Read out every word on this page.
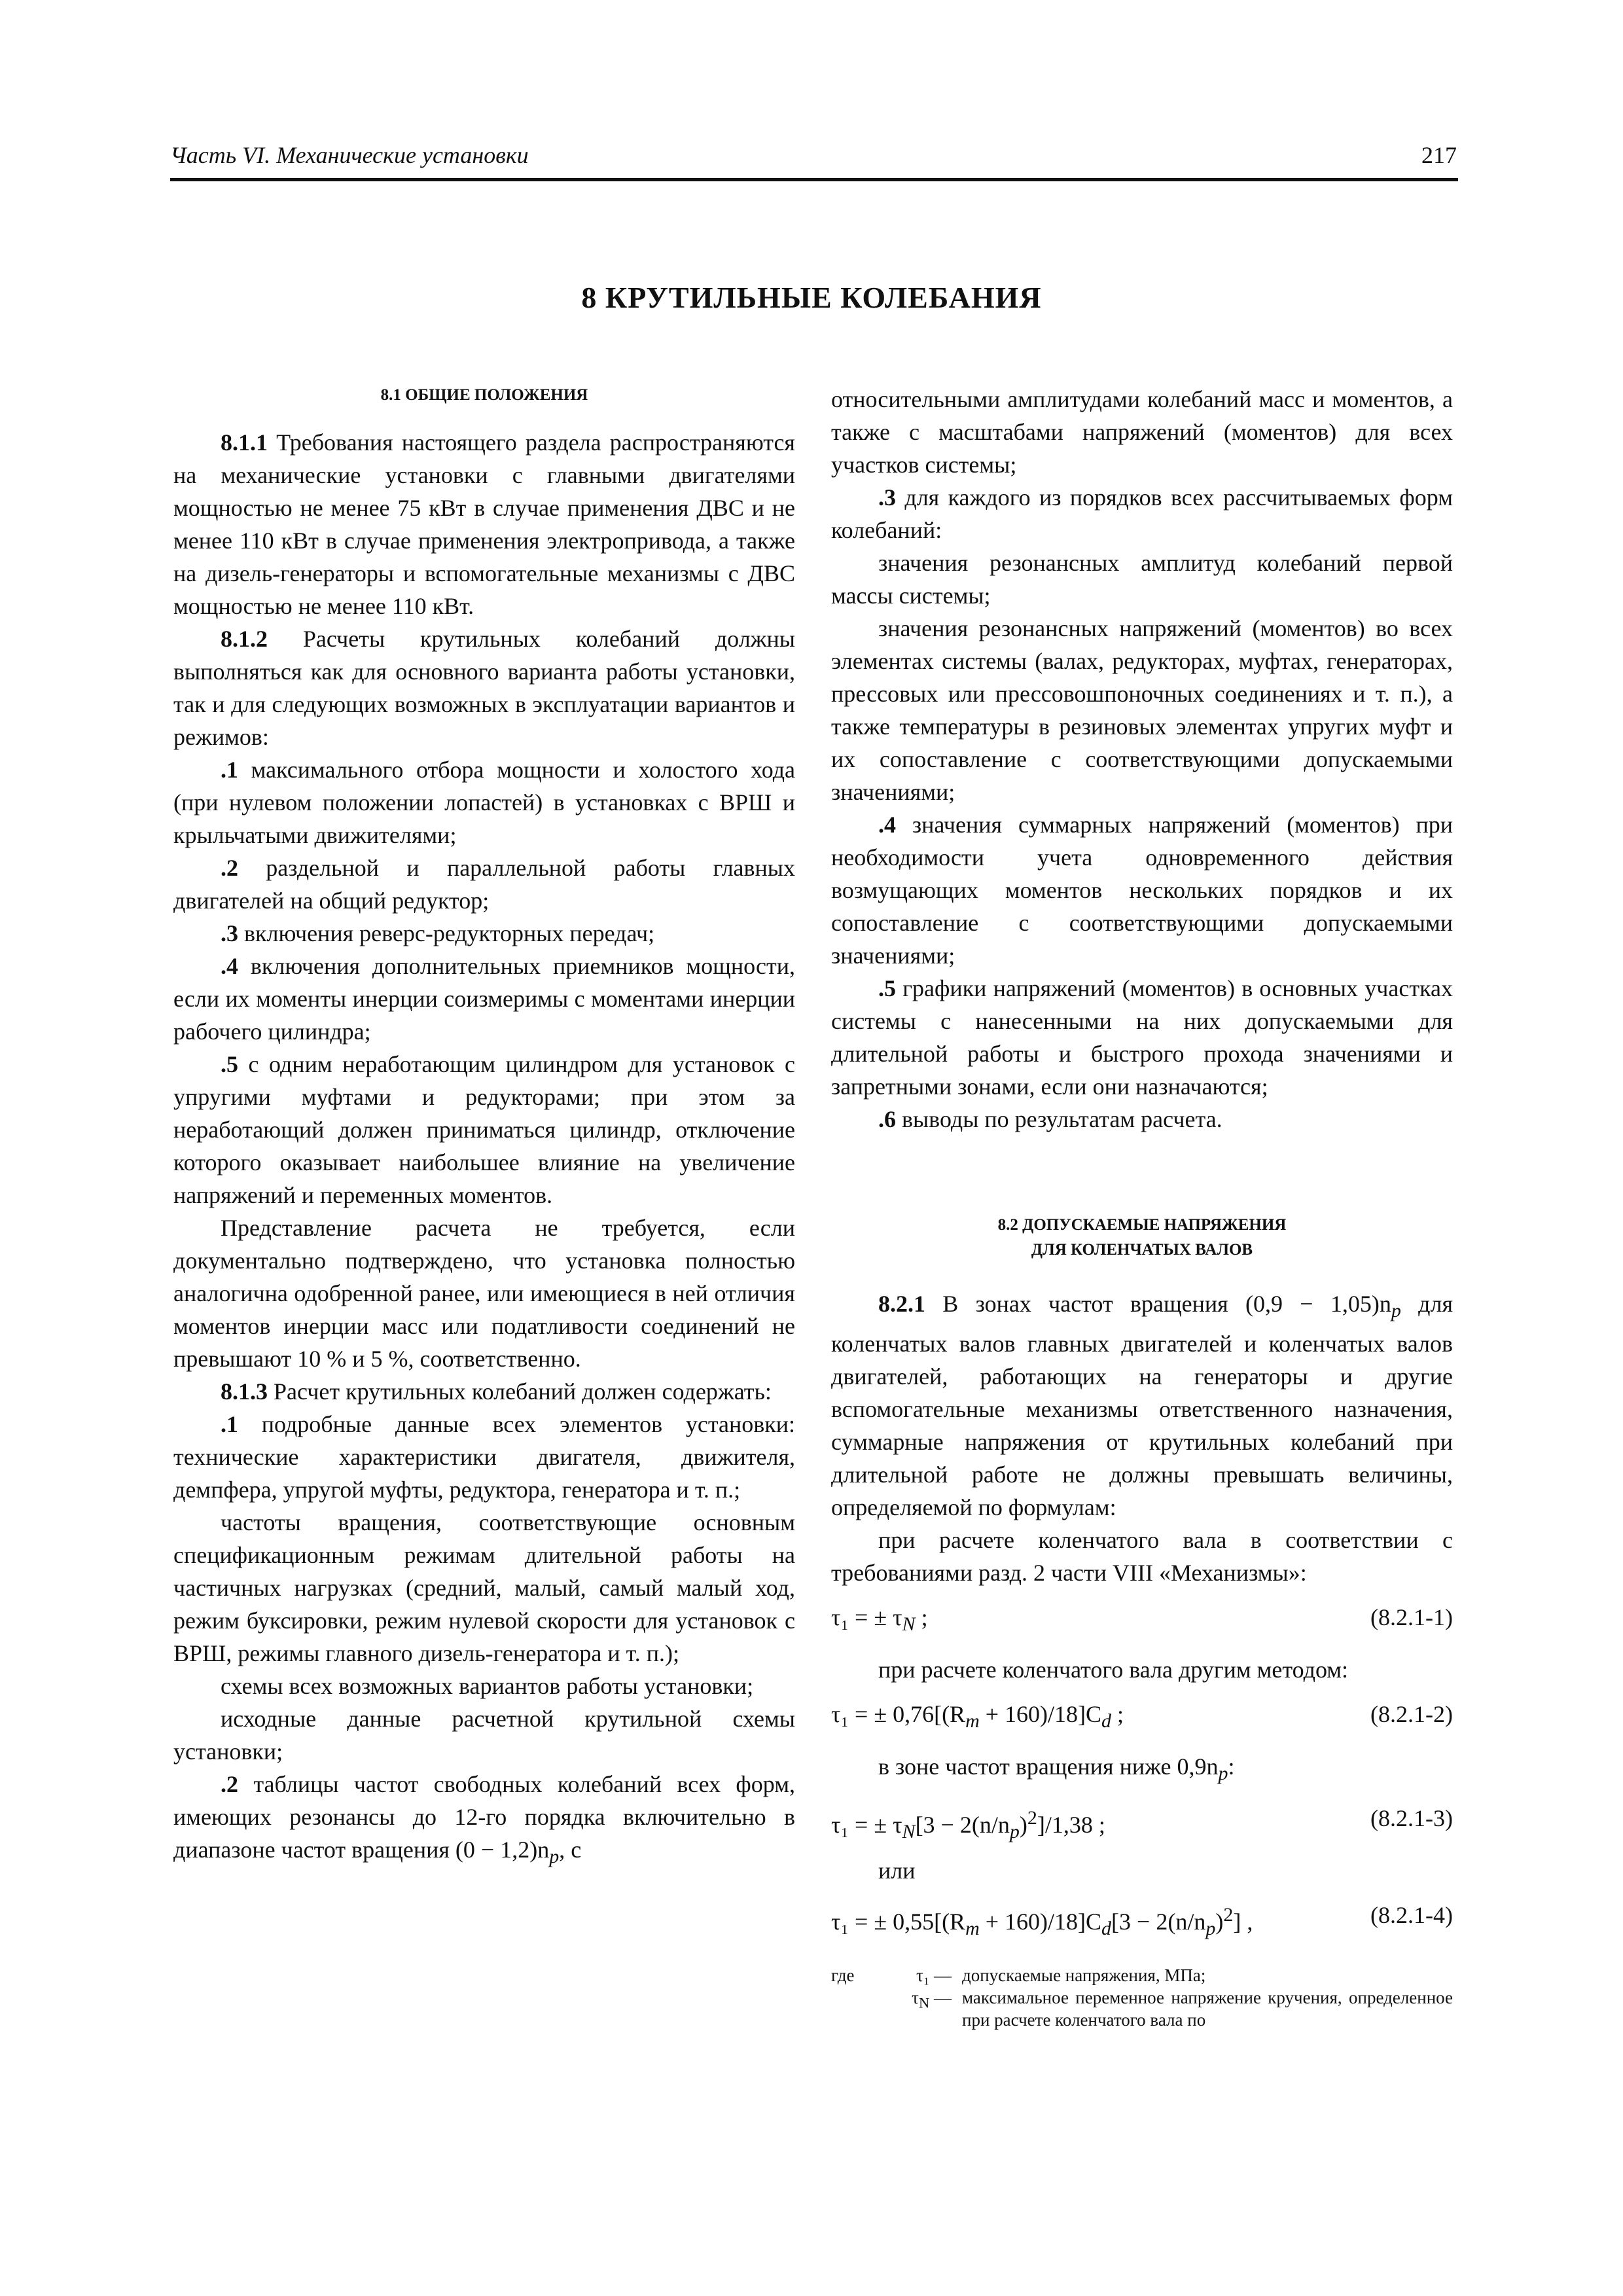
Часть VI. Механические установки	217
8 КРУТИЛЬНЫЕ КОЛЕБАНИЯ

8.1 ОБЩИЕ ПОЛОЖЕНИЯ

8.1.1 Требования настоящего раздела распространяются на механические установки с главными двигателями мощностью не менее 75 кВт в случае применения ДВС и не менее 110 кВт в случае применения электропривода, а также на дизель-генераторы и вспомогательные механизмы с ДВС мощностью не менее 110 кВт.

8.1.2 Расчеты крутильных колебаний должны выполняться как для основного варианта работы установки, так и для следующих возможных в эксплуатации вариантов и режимов:

.1 максимального отбора мощности и холостого хода (при нулевом положении лопастей) в установках с ВРШ и крыльчатыми движителями;

.2 раздельной и параллельной работы главных двигателей на общий редуктор;

.3 включения реверс-редукторных передач;

.4 включения дополнительных приемников мощности, если их моменты инерции соизмеримы с моментами инерции рабочего цилиндра;

.5 с одним неработающим цилиндром для установок с упругими муфтами и редукторами; при этом за неработающий должен приниматься цилиндр, отключение которого оказывает наибольшее влияние на увеличение напряжений и переменных моментов.

Представление расчета не требуется, если документально подтверждено, что установка полностью аналогична одобренной ранее, или имеющиеся в ней отличия моментов инерции масс или податливости соединений не превышают 10 % и 5 %, соответственно.

8.1.3 Расчет крутильных колебаний должен содержать:

.1 подробные данные всех элементов установки: технические характеристики двигателя, движителя, демпфера, упругой муфты, редуктора, генератора и т. п.;

частоты вращения, соответствующие основным спецификационным режимам длительной работы на частичных нагрузках (средний, малый, самый малый ход, режим буксировки, режим нулевой скорости для установок с ВРШ, режимы главного дизель-генератора и т. п.);

схемы всех возможных вариантов работы установки;

исходные данные расчетной крутильной схемы установки;

.2 таблицы частот свободных колебаний всех форм, имеющих резонансы до 12-го порядка включительно в диапазоне частот вращения $(0 - 1,2)n_p$, с

относительными амплитудами колебаний масс и моментов, а также с масштабами напряжений (моментов) для всех участков системы;

.3 для каждого из порядков всех рассчитываемых форм колебаний:

значения резонансных амплитуд колебаний первой массы системы;

значения резонансных напряжений (моментов) во всех элементах системы (валах, редукторах, муфтах, генераторах, прессовых или прессовошпоночных соединениях и т. п.), а также температуры в резиновых элементах упругих муфт и их сопоставление с соответствующими допускаемыми значениями;

.4 значения суммарных напряжений (моментов) при необходимости учета одновременного действия возмущающих моментов нескольких порядков и их сопоставление с соответствующими допускаемыми значениями;

.5 графики напряжений (моментов) в основных участках системы с нанесенными на них допускаемыми для длительной работы и быстрого прохода значениями и запретными зонами, если они назначаются;

.6 выводы по результатам расчета.

8.2 ДОПУСКАЕМЫЕ НАПРЯЖЕНИЯ
ДЛЯ КОЛЕНЧАТЫХ ВАЛОВ

8.2.1 В зонах частот вращения $(0,9 - 1,05)n_p$ для коленчатых валов главных двигателей и коленчатых валов двигателей, работающих на генераторы и другие вспомогательные механизмы ответственного назначения, суммарные напряжения от крутильных колебаний при длительной работе не должны превышать величины, определяемой по формулам:

при расчете коленчатого вала в соответствии с требованиями разд. 2 части VIII «Механизмы»:

τ₁ = ± $\tau_N$ ;	(8.2.1-1)

при расчете коленчатого вала другим методом:

τ₁ = ± $0,76[(R_m + 160)/18]C_d$ ;	(8.2.1-2)

в зоне частот вращения ниже $0,9n_p$:

τ₁ = ± $\tau_N[3 - 2(n/n_p)^2]/1,38$ ;	(8.2.1-3)

или

τ₁ = ± $0,55[(R_m + 160)/18]C_d[3 - 2(n/n_p)^2]$ ,	(8.2.1-4)
где	τ₁ — допускаемые напряжения, МПа;
$\tau_N$ — максимальное переменное напряжение кручения, определенное при расчете коленчатого вала по
